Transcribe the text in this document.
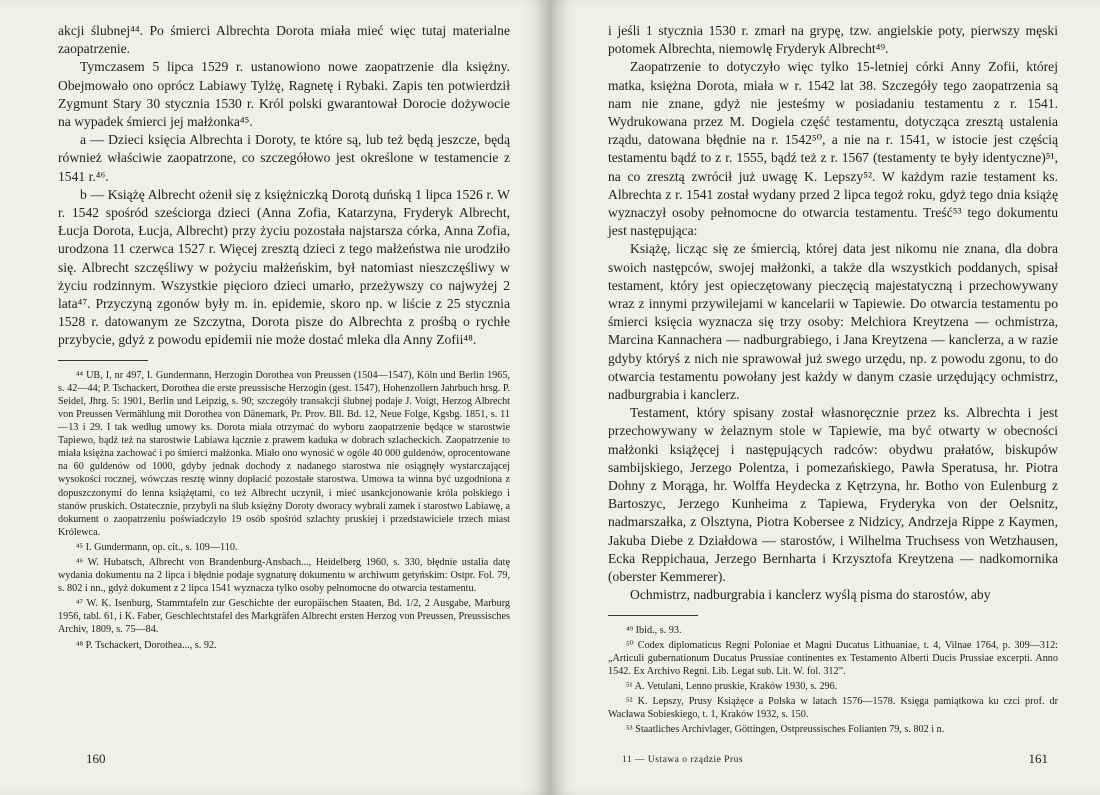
akcji ślubnej⁴⁴. Po śmierci Albrechta Dorota miała mieć więc tutaj materialne zaopatrzenie.

Tymczasem 5 lipca 1529 r. ustanowiono nowe zaopatrzenie dla księżny. Obejmowało ono oprócz Labiawy Tylżę, Ragnetę i Rybaki. Zapis ten potwierdził Zygmunt Stary 30 stycznia 1530 r. Król polski gwarantował Dorocie dożywocie na wypadek śmierci jej małżonka⁴⁵.

a — Dzieci księcia Albrechta i Doroty, te które są, lub też będą jeszcze, będą również właściwie zaopatrzone, co szczegółowo jest określone w testamencie z 1541 r.⁴⁶.

b — Książę Albrecht ożenił się z księżniczką Dorotą duńską 1 lipca 1526 r. W r. 1542 spośród sześciorga dzieci (Anna Zofia, Katarzyna, Fryderyk Albrecht, Łucja Dorota, Łucja, Albrecht) przy życiu pozostała najstarsza córka, Anna Zofia, urodzona 11 czerwca 1527 r. Więcej zresztą dzieci z tego małżeństwa nie urodziło się. Albrecht szczęśliwy w pożyciu małżeńskim, był natomiast nieszczęśliwy w życiu rodzinnym. Wszystkie pięcioro dzieci umarło, przeżywszy co najwyżej 2 lata⁴⁷. Przyczyną zgonów były m. in. epidemie, skoro np. w liście z 25 stycznia 1528 r. datowanym ze Szczytna, Dorota pisze do Albrechta z prośbą o rychłe przybycie, gdyż z powodu epidemii nie może dostać mleka dla Anny Zofii⁴⁸.

⁴⁴ UB, I, nr 497, I. Gundermann, Herzogin Dorothea von Preussen (1504—1547), Köln und Berlin 1965, s. 42—44; P. Tschackert, Dorothea die erste preussische Herzogin (gest. 1547), Hohenzollern Jahrbuch hrsg. P. Seidel, Jhrg. 5: 1901, Berlin und Leipzig, s. 90; szczegóły transakcji ślubnej podaje J. Voigt, Herzog Albrecht von Preussen Vermählung mit Dorothea von Dänemark, Pr. Prov. Bll. Bd. 12, Neue Folge, Kgsbg. 1851, s. 11—13 i 29. I tak według umowy ks. Dorota miała otrzymać do wyboru zaopatrzenie będące w starostwie Tapiewo, bądź też na starostwie Labiawa łącznie z prawem kaduka w dobrach szlacheckich. Zaopatrzenie to miała księżna zachować i po śmierci małżonka. Miało ono wynosić w ogóle 40 000 guldenów, oprocentowane na 60 guldenów od 1000, gdyby jednak dochody z nadanego starostwa nie osiągnęły wystarczającej wysokości rocznej, wówczas resztę winny dopłacić pozostałe starostwa. Umowa ta winna być uzgodniona z dopuszczonymi do lenna książętami, co też Albrecht uczynił, i mieć usankcjonowanie króla polskiego i stanów pruskich. Ostatecznie, przybyli na ślub księżny Doroty dworacy wybrali zamek i starostwo Labiawę, a dokument o zaopatrzeniu poświadczyło 19 osób spośród szlachty pruskiej i przedstawiciele trzech miast Królewca.

⁴⁵ I. Gundermann, op. cit., s. 109—110.

⁴⁶ W. Hubatsch, Albrecht von Brandenburg-Ansbach..., Heidelberg 1960, s. 330, błędnie ustalia datę wydania dokumentu na 2 lipca i błędnie podaje sygnaturę dokumentu w archiwum getyńskim: Ostpr. Fol. 79, s. 802 i nn., gdyż dokument z 2 lipca 1541 wyznacza tylko osoby pełnomocne do otwarcia testamentu.

⁴⁷ W. K. Isenburg, Stammtafeln zur Geschichte der europäischen Staaten, Bd. 1/2, 2 Ausgabe, Marburg 1956, tabl. 61, i K. Faber, Geschlechtstafel des Markgräfen Albrecht ersten Herzog von Preussen, Preussisches Archiv, 1809, s. 75—84.

⁴⁸ P. Tschackert, Dorothea..., s. 92.

160

i jeśli 1 stycznia 1530 r. zmarł na grypę, tzw. angielskie poty, pierwszy męski potomek Albrechta, niemowlę Fryderyk Albrecht⁴⁹.

Zaopatrzenie to dotyczyło więc tylko 15-letniej córki Anny Zofii, której matka, księżna Dorota, miała w r. 1542 lat 38. Szczegóły tego zaopatrzenia są nam nie znane, gdyż nie jesteśmy w posiadaniu testamentu z r. 1541. Wydrukowana przez M. Dogiela część testamentu, dotycząca zresztą ustalenia rządu, datowana błędnie na r. 1542⁵⁰, a nie na r. 1541, w istocie jest częścią testamentu bądź to z r. 1555, bądź też z r. 1567 (testamenty te były identyczne)⁵¹, na co zresztą zwrócił już uwagę K. Lepszy⁵². W każdym razie testament ks. Albrechta z r. 1541 został wydany przed 2 lipca tegoż roku, gdyż tego dnia książę wyznaczył osoby pełnomocne do otwarcia testamentu. Treść⁵³ tego dokumentu jest następująca:

Książę, licząc się ze śmiercią, której data jest nikomu nie znana, dla dobra swoich następców, swojej małżonki, a także dla wszystkich poddanych, spisał testament, który jest opieczętowany pieczęcią majestatyczną i przechowywany wraz z innymi przywilejami w kancelarii w Tapiewie. Do otwarcia testamentu po śmierci księcia wyznacza się trzy osoby: Melchiora Kreytzena — ochmistrza, Marcina Kannachera — nadburgrabiego, i Jana Kreytzena — kanclerza, a w razie gdyby któryś z nich nie sprawował już swego urzędu, np. z powodu zgonu, to do otwarcia testamentu powołany jest każdy w danym czasie urzędujący ochmistrz, nadburgrabia i kanclerz.

Testament, który spisany został własnoręcznie przez ks. Albrechta i jest przechowywany w żelaznym stole w Tapiewie, ma być otwarty w obecności małżonki książęcej i następujących radców: obydwu prałatów, biskupów sambijskiego, Jerzego Polentza, i pomezańskiego, Pawła Speratusa, hr. Piotra Dohny z Morąga, hr. Wolffa Heydecka z Kętrzyna, hr. Botho von Eulenburg z Bartoszyc, Jerzego Kunheima z Tapiewa, Fryderyka von der Oelsnitz, nadmarszałka, z Olsztyna, Piotra Kobersee z Nidzicy, Andrzeja Rippe z Kaymen, Jakuba Diebe z Działdowa — starostów, i Wilhelma Truchsess von Wetzhausen, Ecka Reppichaua, Jerzego Bernharta i Krzysztofa Kreytzena — nadkomornika (oberster Kemmerer).

Ochmistrz, nadburgrabia i kanclerz wyślą pisma do starostów, aby

⁴⁹ Ibid., s. 93.

⁵⁰ Codex diplomaticus Regni Poloniae et Magni Ducatus Lithuaniae, t. 4, Vilnae 1764, p. 309—312: „Articuli gubernationum Ducatus Prussiae continentes ex Testamento Alberti Ducis Prussiae excerpti. Anno 1542. Ex Archivo Regni. Lib. Legat sub. Lit. W. fol. 312”.

⁵¹ A. Vetulani, Lenno pruskie, Kraków 1930, s. 296.

⁵² K. Lepszy, Prusy Książęce a Polska w latach 1576—1578. Księga pamiątkowa ku czci prof. dr Wacława Sobieskiego, t. 1, Kraków 1932, s. 150.

⁵³ Staatliches Archivlager, Göttingen, Ostpreussisches Folianten 79, s. 802 i n.

11 — Ustawa o rządzie Prus	161
